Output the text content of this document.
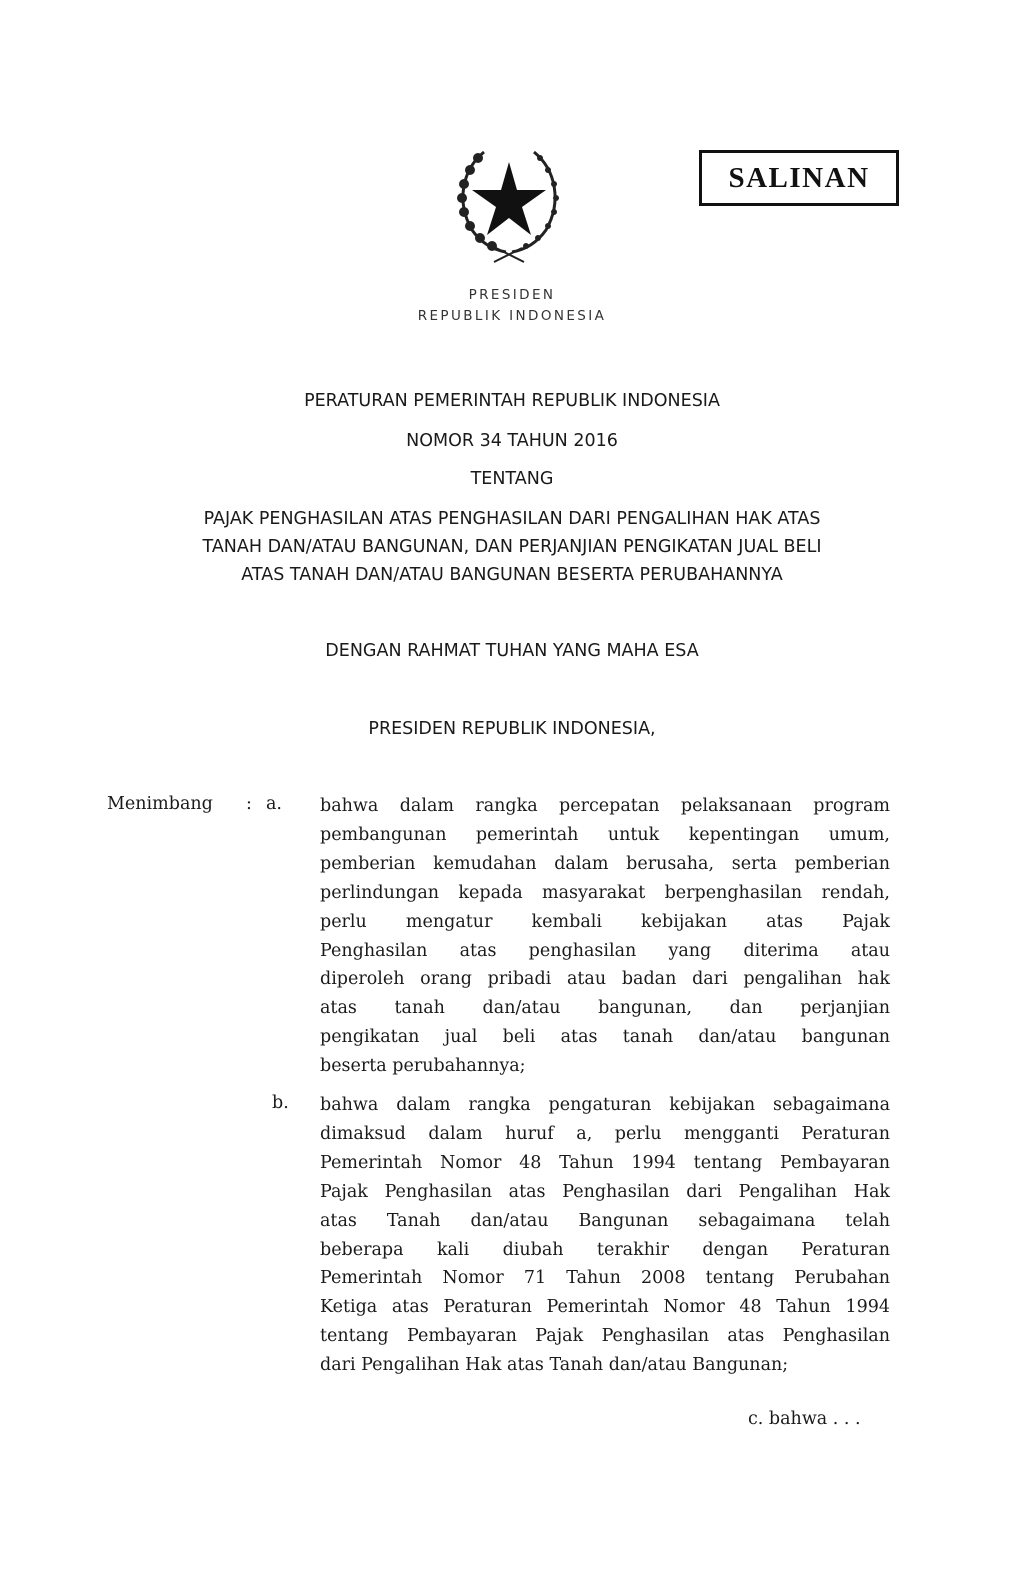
SALINAN
PRESIDEN
REPUBLIK INDONESIA
PERATURAN PEMERINTAH REPUBLIK INDONESIA
NOMOR 34 TAHUN 2016
TENTANG
PAJAK PENGHASILAN ATAS PENGHASILAN DARI PENGALIHAN HAK ATAS
TANAH DAN/ATAU BANGUNAN, DAN PERJANJIAN PENGIKATAN JUAL BELI
ATAS TANAH DAN/ATAU BANGUNAN BESERTA PERUBAHANNYA
DENGAN RAHMAT TUHAN YANG MAHA ESA
PRESIDEN REPUBLIK INDONESIA,
Menimbang : a. bahwa dalam rangka percepatan pelaksanaan program
pembangunan pemerintah untuk kepentingan umum,
pemberian kemudahan dalam berusaha, serta pemberian
perlindungan kepada masyarakat berpenghasilan rendah,
perlu mengatur kembali kebijakan atas Pajak
Penghasilan atas penghasilan yang diterima atau
diperoleh orang pribadi atau badan dari pengalihan hak
atas tanah dan/atau bangunan, dan perjanjian
pengikatan jual beli atas tanah dan/atau bangunan
beserta perubahannya;
b. bahwa dalam rangka pengaturan kebijakan sebagaimana
dimaksud dalam huruf a, perlu mengganti Peraturan
Pemerintah Nomor 48 Tahun 1994 tentang Pembayaran
Pajak Penghasilan atas Penghasilan dari Pengalihan Hak
atas Tanah dan/atau Bangunan sebagaimana telah
beberapa kali diubah terakhir dengan Peraturan
Pemerintah Nomor 71 Tahun 2008 tentang Perubahan
Ketiga atas Peraturan Pemerintah Nomor 48 Tahun 1994
tentang Pembayaran Pajak Penghasilan atas Penghasilan
dari Pengalihan Hak atas Tanah dan/atau Bangunan;
c. bahwa . . .
